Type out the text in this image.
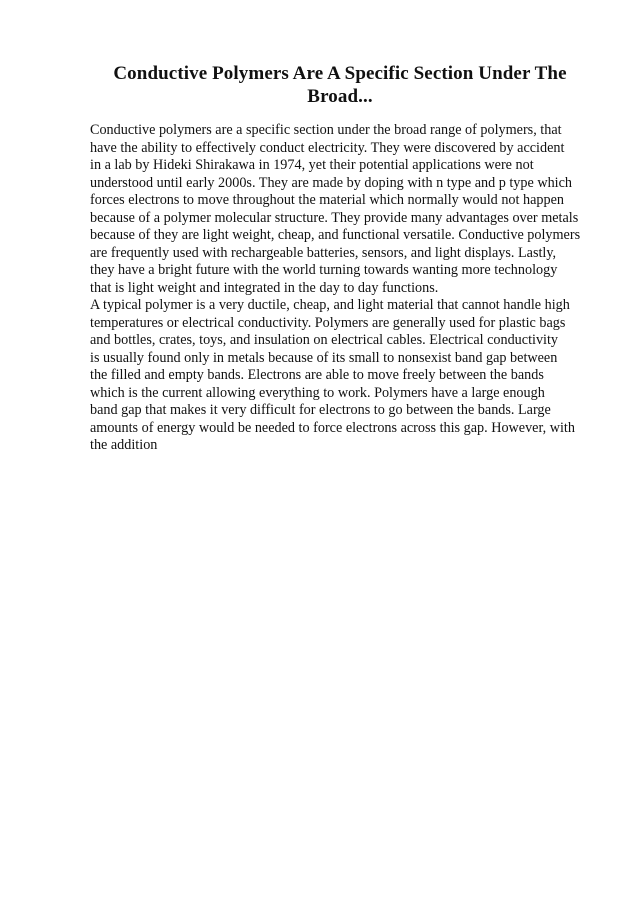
Conductive Polymers Are A Specific Section Under The
Broad...
Conductive polymers are a specific section under the broad range of polymers, that
have the ability to effectively conduct electricity. They were discovered by accident
in a lab by Hideki Shirakawa in 1974, yet their potential applications were not
understood until early 2000s. They are made by doping with n type and p type which
forces electrons to move throughout the material which normally would not happen
because of a polymer molecular structure. They provide many advantages over metals
because of they are light weight, cheap, and functional versatile. Conductive polymers
are frequently used with rechargeable batteries, sensors, and light displays. Lastly,
they have a bright future with the world turning towards wanting more technology
that is light weight and integrated in the day to day functions.
A typical polymer is a very ductile, cheap, and light material that cannot handle high
temperatures or electrical conductivity. Polymers are generally used for plastic bags
and bottles, crates, toys, and insulation on electrical cables. Electrical conductivity
is usually found only in metals because of its small to nonsexist band gap between
the filled and empty bands. Electrons are able to move freely between the bands
which is the current allowing everything to work. Polymers have a large enough
band gap that makes it very difficult for electrons to go between the bands. Large
amounts of energy would be needed to force electrons across this gap. However, with
the addition
